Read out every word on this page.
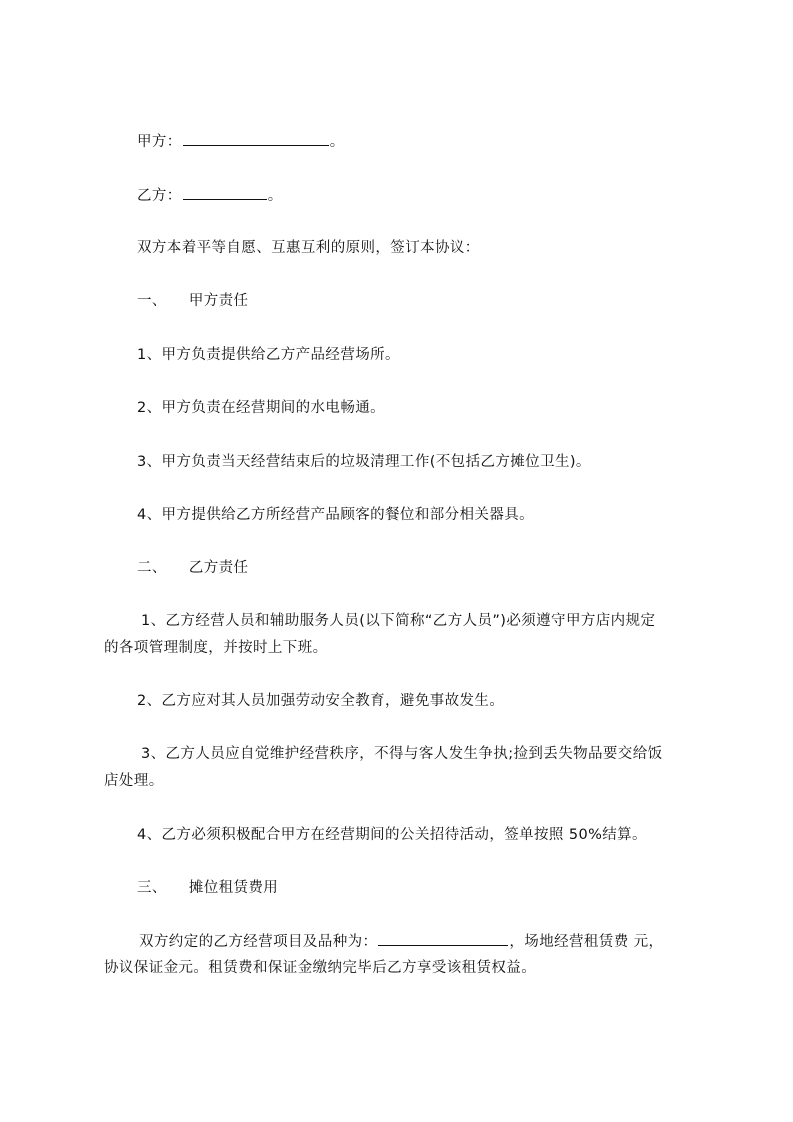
甲方：	。
乙方：	。
双方本着平等自愿、互惠互利的原则，签订本协议：
一、 甲方责任
1、甲方负责提供给乙方产品经营场所。
2、甲方负责在经营期间的水电畅通。
3、甲方负责当天经营结束后的垃圾清理工作(不包括乙方摊位卫生)。
4、甲方提供给乙方所经营产品顾客的餐位和部分相关器具。
二、 乙方责任
1、乙方经营人员和辅助服务人员(以下简称“乙方人员”)必须遵守甲方店内规定
的各项管理制度，并按时上下班。
2、乙方应对其人员加强劳动安全教育，避免事故发生。
3、乙方人员应自觉维护经营秩序，不得与客人发生争执;捡到丢失物品要交给饭
店处理。
4、乙方必须积极配合甲方在经营期间的公关招待活动，签单按照 50%结算。
三、 摊位租赁费用
双方约定的乙方经营项目及品种为：	，场地经营租赁费 元，
协议保证金元。租赁费和保证金缴纳完毕后乙方享受该租赁权益。
